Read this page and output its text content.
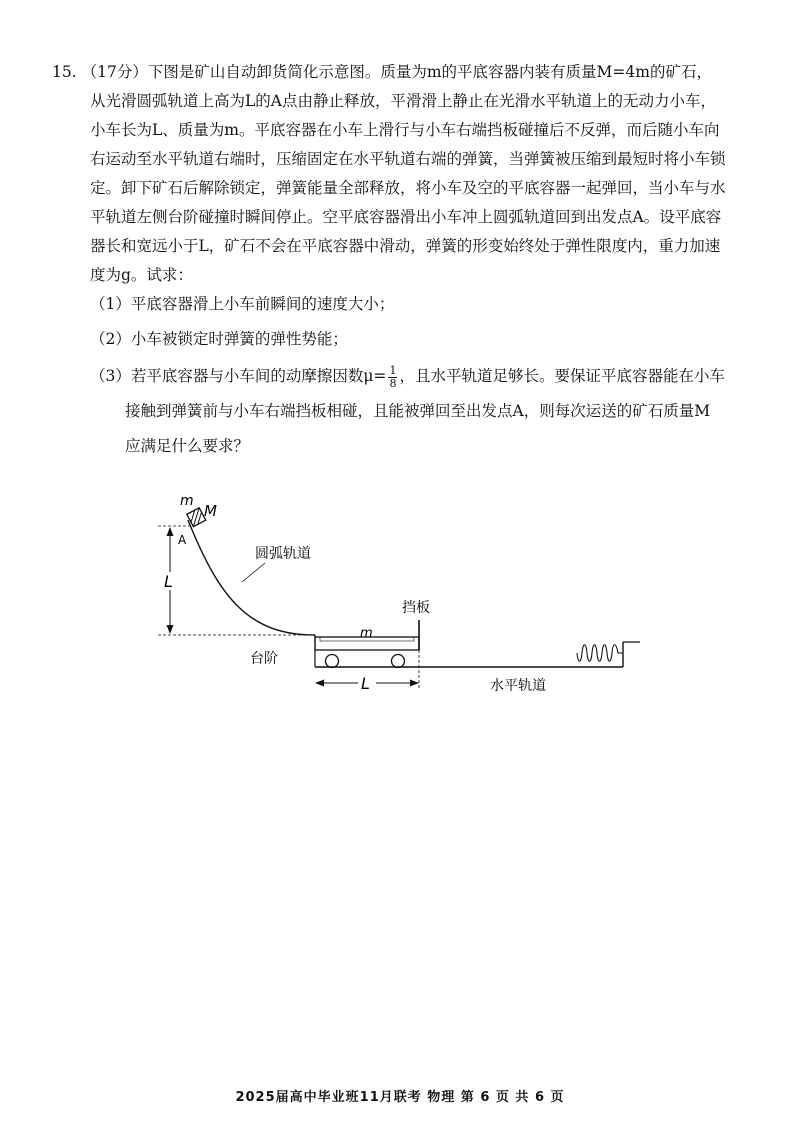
15. （17分）下图是矿山自动卸货简化示意图。质量为m的平底容器内装有质量M=4m的矿石，
从光滑圆弧轨道上高为L的A点由静止释放，平滑滑上静止在光滑水平轨道上的无动力小车，
小车长为L、质量为m。平底容器在小车上滑行与小车右端挡板碰撞后不反弹，而后随小车向
右运动至水平轨道右端时，压缩固定在水平轨道右端的弹簧，当弹簧被压缩到最短时将小车锁
定。卸下矿石后解除锁定，弹簧能量全部释放，将小车及空的平底容器一起弹回，当小车与水
平轨道左侧台阶碰撞时瞬间停止。空平底容器滑出小车冲上圆弧轨道回到出发点A。设平底容
器长和宽远小于L，矿石不会在平底容器中滑动，弹簧的形变始终处于弹性限度内，重力加速
度为g。试求：
（1）平底容器滑上小车前瞬间的速度大小；
（2）小车被锁定时弹簧的弹性势能；
（3）若平底容器与小车间的动摩擦因数$\mu= \frac{1}{8}$ ，且水平轨道足够长。要保证平底容器能在小车
接触到弹簧前与小车右端挡板相碰，且能被弹回至出发点A，则每次运送的矿石质量M
应满足什么要求？
m
M
A
L
圆弧轨道
m
挡板
台阶
水平轨道
L
2025届高中毕业班11月联考 物理 第 6 页 共 6 页
